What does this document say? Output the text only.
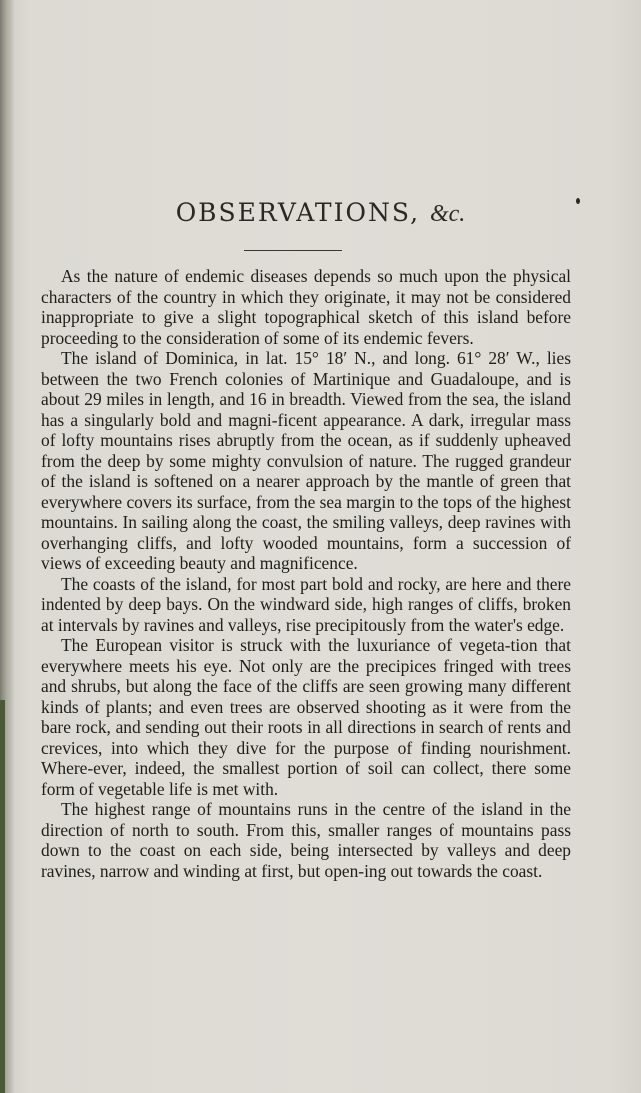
OBSERVATIONS, &c.

As the nature of endemic diseases depends so much upon the physical characters of the country in which they originate, it may not be considered inappropriate to give a slight topographical sketch of this island before proceeding to the consideration of some of its endemic fevers.

The island of Dominica, in lat. 15° 18′ N., and long. 61° 28′ W., lies between the two French colonies of Martinique and Guadaloupe, and is about 29 miles in length, and 16 in breadth. Viewed from the sea, the island has a singularly bold and magni-ficent appearance. A dark, irregular mass of lofty mountains rises abruptly from the ocean, as if suddenly upheaved from the deep by some mighty convulsion of nature. The rugged grandeur of the island is softened on a nearer approach by the mantle of green that everywhere covers its surface, from the sea margin to the tops of the highest mountains. In sailing along the coast, the smiling valleys, deep ravines with overhanging cliffs, and lofty wooded mountains, form a succession of views of exceeding beauty and magnificence.

The coasts of the island, for most part bold and rocky, are here and there indented by deep bays. On the windward side, high ranges of cliffs, broken at intervals by ravines and valleys, rise precipitously from the water's edge.

The European visitor is struck with the luxuriance of vegeta-tion that everywhere meets his eye. Not only are the precipices fringed with trees and shrubs, but along the face of the cliffs are seen growing many different kinds of plants; and even trees are observed shooting as it were from the bare rock, and sending out their roots in all directions in search of rents and crevices, into which they dive for the purpose of finding nourishment. Where-ever, indeed, the smallest portion of soil can collect, there some form of vegetable life is met with.

The highest range of mountains runs in the centre of the island in the direction of north to south. From this, smaller ranges of mountains pass down to the coast on each side, being intersected by valleys and deep ravines, narrow and winding at first, but open-ing out towards the coast.
